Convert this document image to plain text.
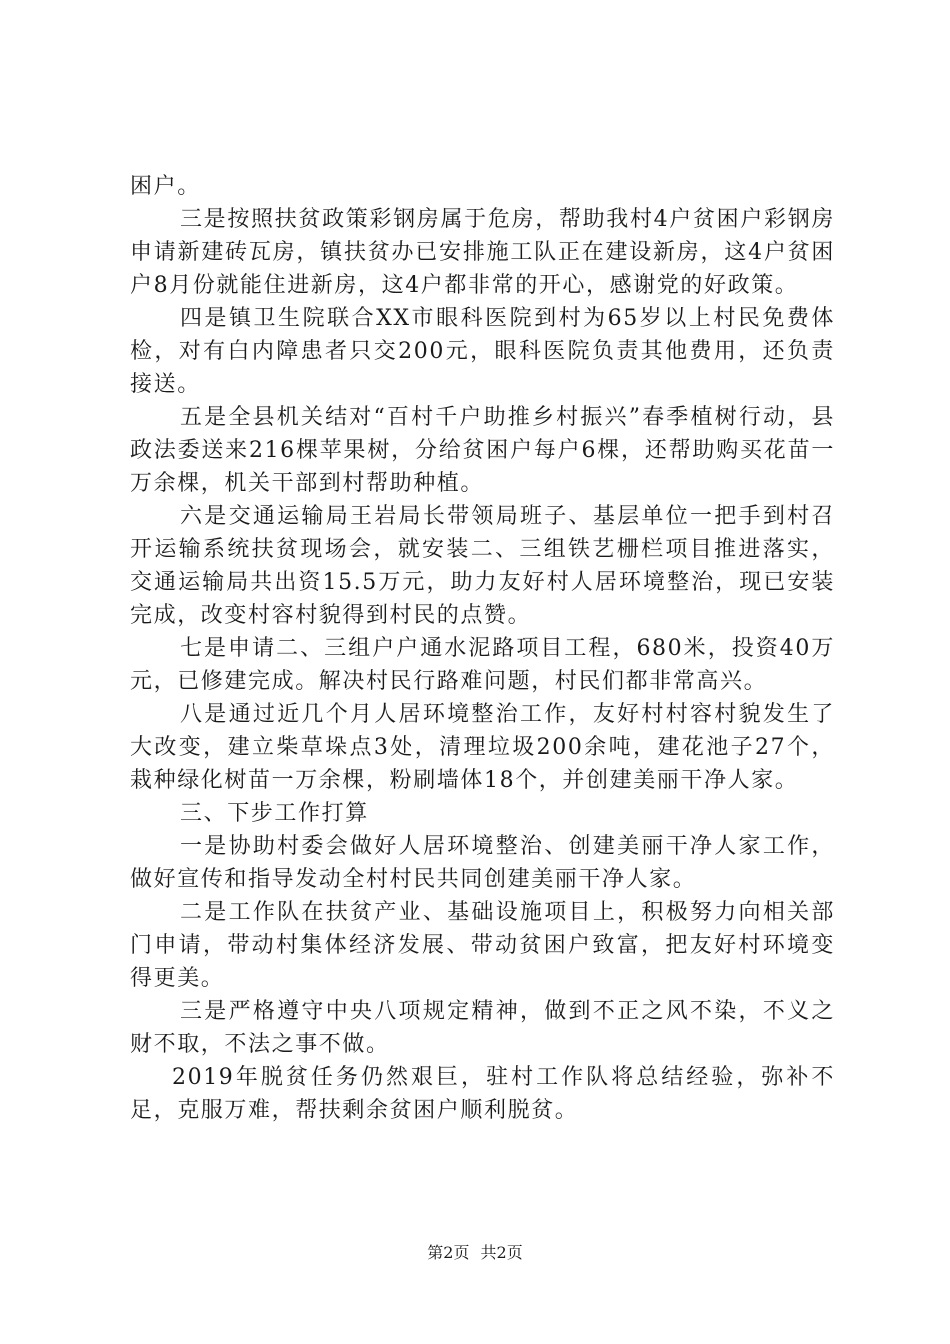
困户。

三是按照扶贫政策彩钢房属于危房，帮助我村4户贫困户彩钢房申请新建砖瓦房，镇扶贫办已安排施工队正在建设新房，这4户贫困户8月份就能住进新房，这4户都非常的开心，感谢党的好政策。

四是镇卫生院联合XX市眼科医院到村为65岁以上村民免费体检，对有白内障患者只交200元，眼科医院负责其他费用，还负责接送。

五是全县机关结对“百村千户助推乡村振兴”春季植树行动，县政法委送来216棵苹果树，分给贫困户每户6棵，还帮助购买花苗一万余棵，机关干部到村帮助种植。

六是交通运输局王岩局长带领局班子、基层单位一把手到村召开运输系统扶贫现场会，就安装二、三组铁艺栅栏项目推进落实，交通运输局共出资15.5万元，助力友好村人居环境整治，现已安装完成，改变村容村貌得到村民的点赞。

七是申请二、三组户户通水泥路项目工程，680米，投资40万元，已修建完成。解决村民行路难问题，村民们都非常高兴。

八是通过近几个月人居环境整治工作，友好村村容村貌发生了大改变，建立柴草垛点3处，清理垃圾200余吨，建花池子27个，栽种绿化树苗一万余棵，粉刷墙体18个，并创建美丽干净人家。

三、下步工作打算

一是协助村委会做好人居环境整治、创建美丽干净人家工作，做好宣传和指导发动全村村民共同创建美丽干净人家。

二是工作队在扶贫产业、基础设施项目上，积极努力向相关部门申请，带动村集体经济发展、带动贫困户致富，把友好村环境变得更美。

三是严格遵守中央八项规定精神，做到不正之风不染，不义之财不取，不法之事不做。

2019年脱贫任务仍然艰巨，驻村工作队将总结经验，弥补不足，克服万难，帮扶剩余贫困户顺利脱贫。

第2页 共2页
